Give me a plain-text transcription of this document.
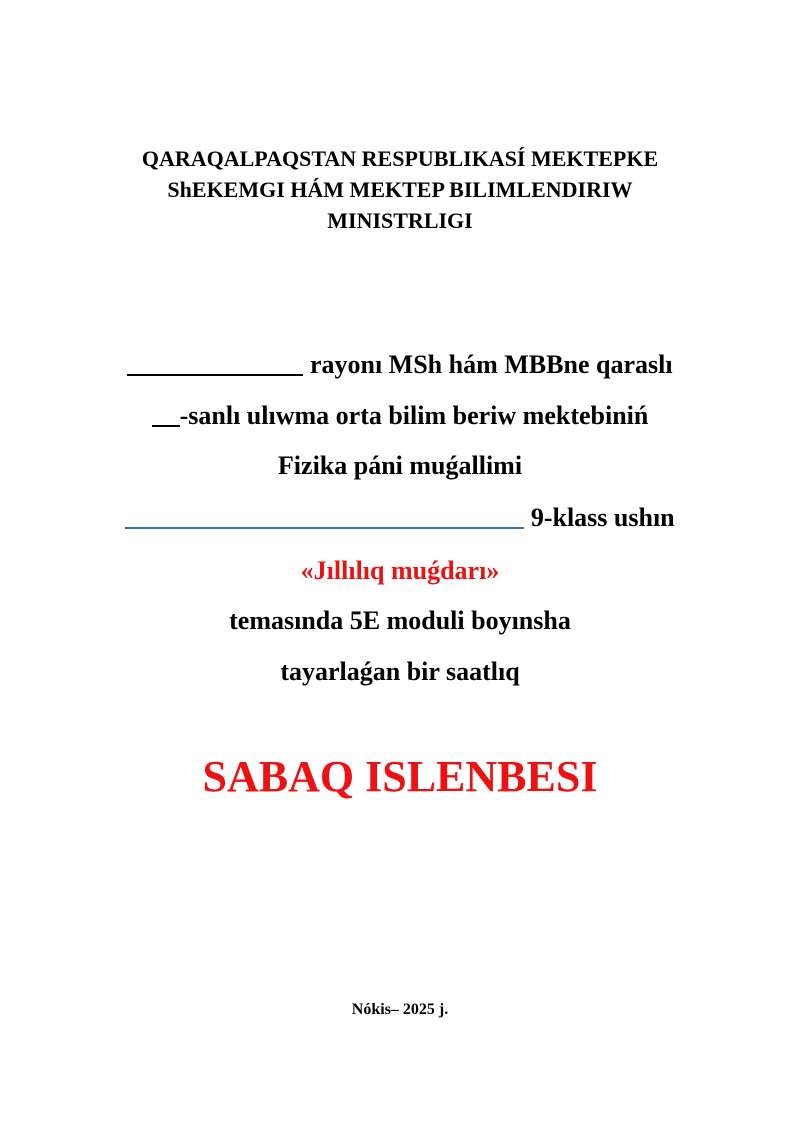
QARAQALPAQSTAN RESPUBLIKASÍ MEKTEPKE
ShEKEMGI HÁM MEKTEP BILIMLENDIRIW
MINISTRLIGI
rayonı MSh hám MBBne qaraslı
-sanlı ulıwma orta bilim beriw mektebiniń
Fizika páni muǵallimi
9-klass ushın
«Jıllılıq muǵdarı»
temasında 5E moduli boyınsha
tayarlaǵan bir saatlıq
SABAQ ISLENBESI
Nókis– 2025 j.
